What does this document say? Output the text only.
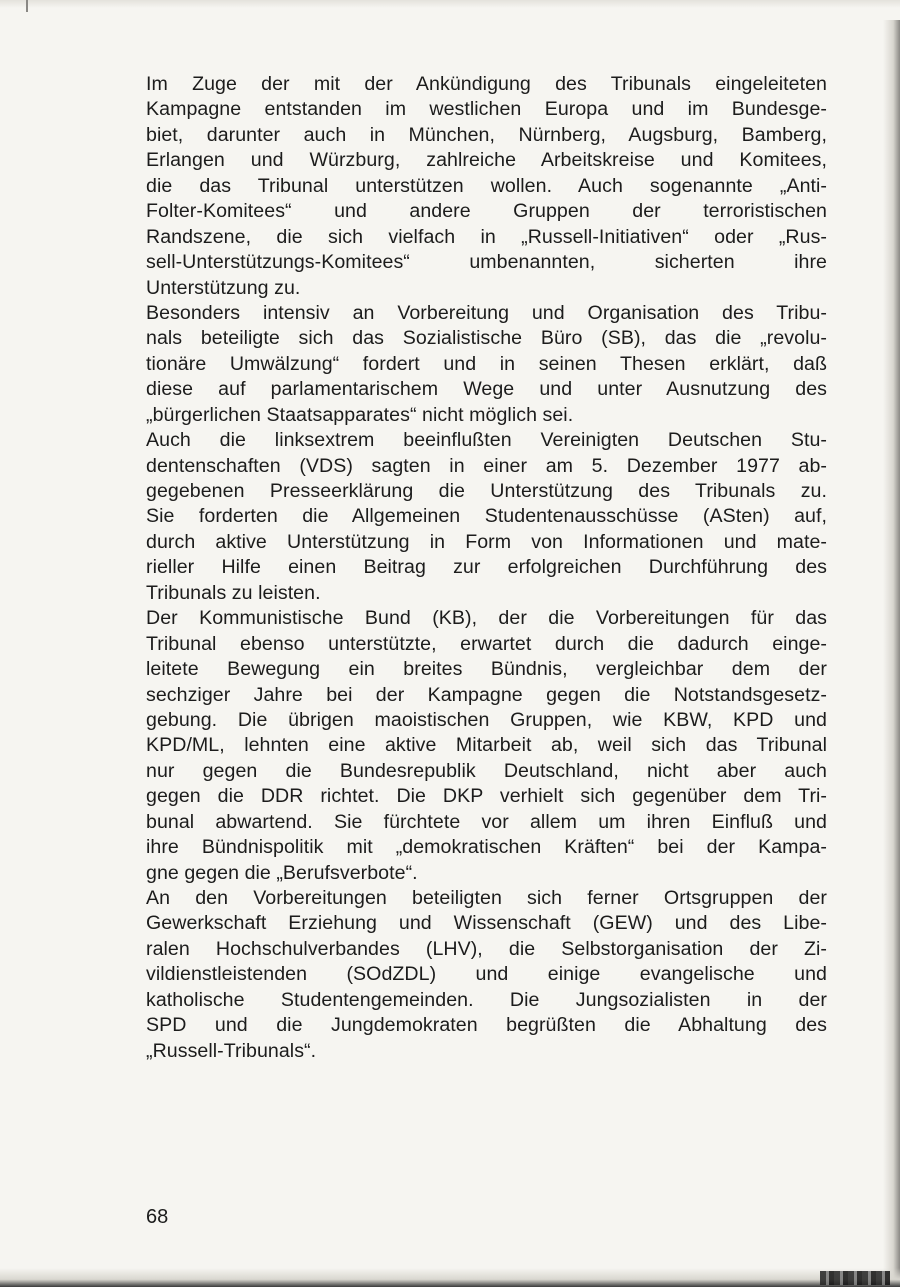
Im Zuge der mit der Ankündigung des Tribunals eingeleiteten
Kampagne entstanden im westlichen Europa und im Bundesge-
biet, darunter auch in München, Nürnberg, Augsburg, Bamberg,
Erlangen und Würzburg, zahlreiche Arbeitskreise und Komitees,
die das Tribunal unterstützen wollen. Auch sogenannte „Anti-
Folter-Komitees“ und andere Gruppen der terroristischen
Randszene, die sich vielfach in „Russell-Initiativen“ oder „Rus-
sell-Unterstützungs-Komitees“ umbenannten, sicherten ihre
Unterstützung zu.
Besonders intensiv an Vorbereitung und Organisation des Tribu-
nals beteiligte sich das Sozialistische Büro (SB), das die „revolu-
tionäre Umwälzung“ fordert und in seinen Thesen erklärt, daß
diese auf parlamentarischem Wege und unter Ausnutzung des
„bürgerlichen Staatsapparates“ nicht möglich sei.
Auch die linksextrem beeinflußten Vereinigten Deutschen Stu-
dentenschaften (VDS) sagten in einer am 5. Dezember 1977 ab-
gegebenen Presseerklärung die Unterstützung des Tribunals zu.
Sie forderten die Allgemeinen Studentenausschüsse (ASten) auf,
durch aktive Unterstützung in Form von Informationen und mate-
rieller Hilfe einen Beitrag zur erfolgreichen Durchführung des
Tribunals zu leisten.
Der Kommunistische Bund (KB), der die Vorbereitungen für das
Tribunal ebenso unterstützte, erwartet durch die dadurch einge-
leitete Bewegung ein breites Bündnis, vergleichbar dem der
sechziger Jahre bei der Kampagne gegen die Notstandsgesetz-
gebung. Die übrigen maoistischen Gruppen, wie KBW, KPD und
KPD/ML, lehnten eine aktive Mitarbeit ab, weil sich das Tribunal
nur gegen die Bundesrepublik Deutschland, nicht aber auch
gegen die DDR richtet. Die DKP verhielt sich gegenüber dem Tri-
bunal abwartend. Sie fürchtete vor allem um ihren Einfluß und
ihre Bündnispolitik mit „demokratischen Kräften“ bei der Kampa-
gne gegen die „Berufsverbote“.
An den Vorbereitungen beteiligten sich ferner Ortsgruppen der
Gewerkschaft Erziehung und Wissenschaft (GEW) und des Libe-
ralen Hochschulverbandes (LHV), die Selbstorganisation der Zi-
vildienstleistenden (SOdZDL) und einige evangelische und
katholische Studentengemeinden. Die Jungsozialisten in der
SPD und die Jungdemokraten begrüßten die Abhaltung des
„Russell-Tribunals“.
68
